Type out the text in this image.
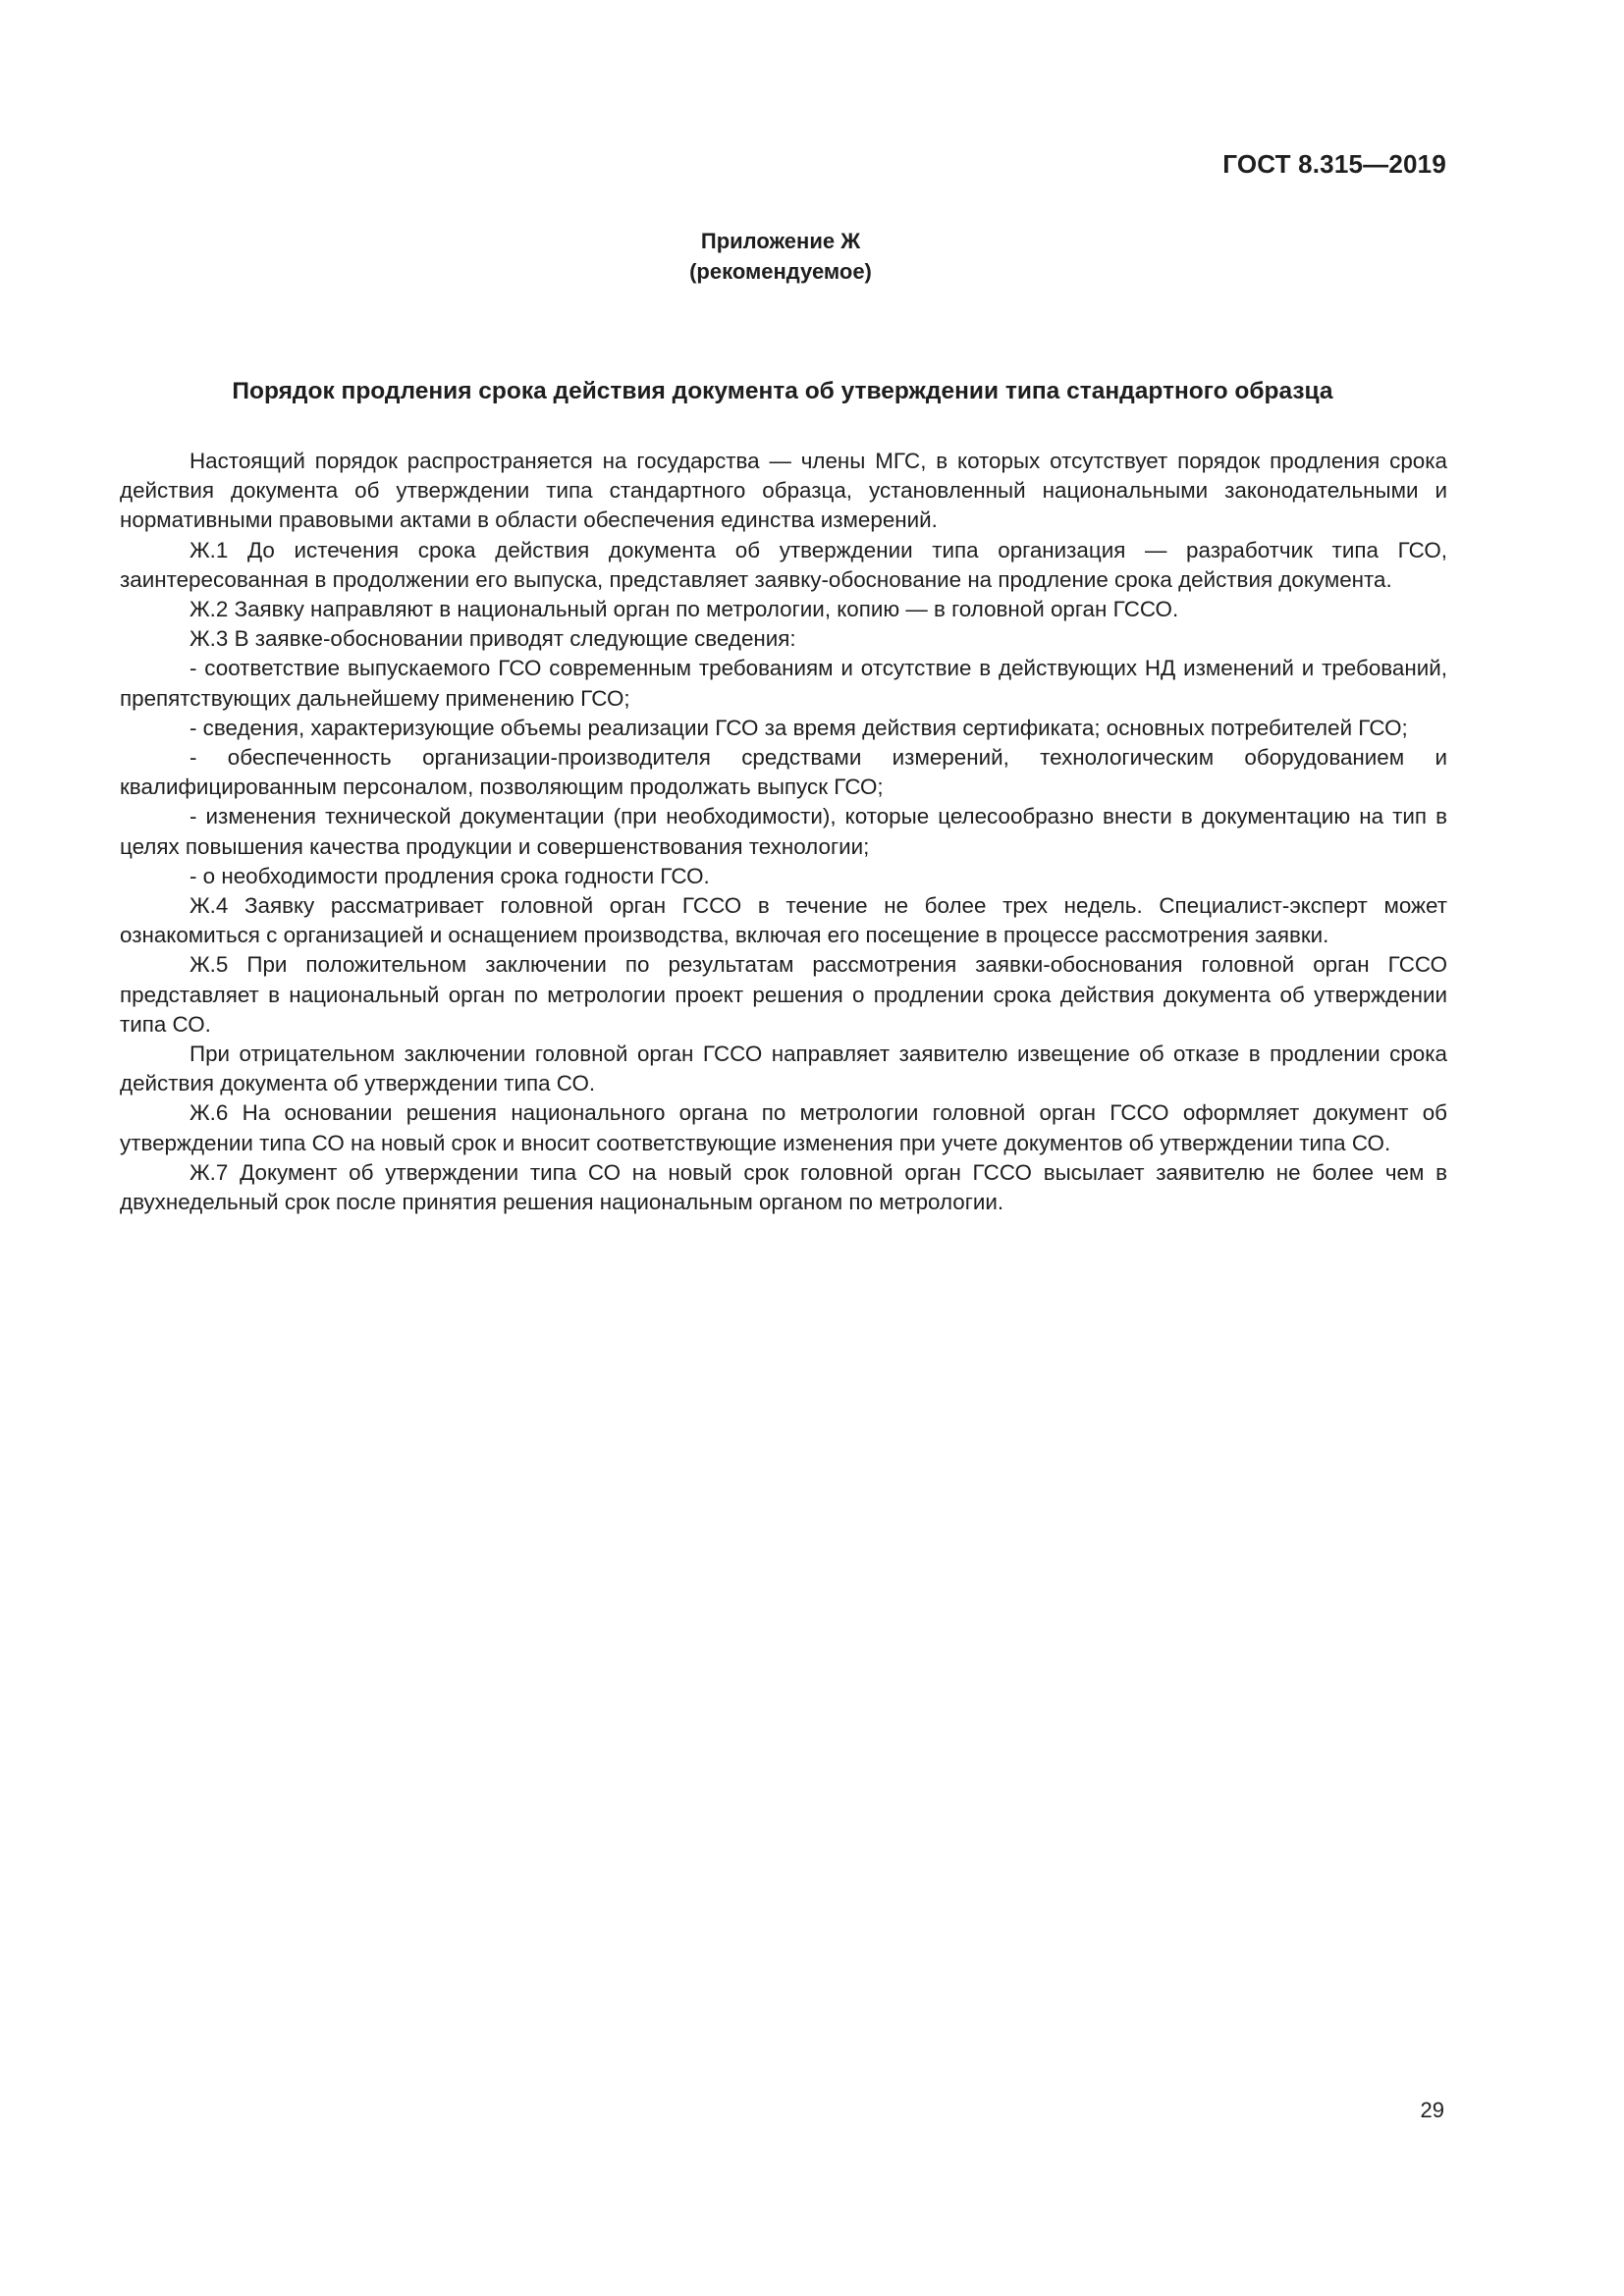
ГОСТ 8.315—2019
Приложение Ж
(рекомендуемое)
Порядок продления срока действия документа об утверждении типа стандартного образца

Настоящий порядок распространяется на государства — члены МГС, в которых отсутствует порядок продления срока действия документа об утверждении типа стандартного образца, установленный национальными законодательными и нормативными правовыми актами в области обеспечения единства измерений.

Ж.1 До истечения срока действия документа об утверждении типа организация — разработчик типа ГСО, заинтересованная в продолжении его выпуска, представляет заявку-обоснование на продление срока действия документа.

Ж.2 Заявку направляют в национальный орган по метрологии, копию — в головной орган ГССО.

Ж.3 В заявке-обосновании приводят следующие сведения:

- соответствие выпускаемого ГСО современным требованиям и отсутствие в действующих НД изменений и требований, препятствующих дальнейшему применению ГСО;

- сведения, характеризующие объемы реализации ГСО за время действия сертификата; основных потребителей ГСО;

- обеспеченность организации-производителя средствами измерений, технологическим оборудованием и квалифицированным персоналом, позволяющим продолжать выпуск ГСО;

- изменения технической документации (при необходимости), которые целесообразно внести в документацию на тип в целях повышения качества продукции и совершенствования технологии;

- о необходимости продления срока годности ГСО.

Ж.4 Заявку рассматривает головной орган ГССО в течение не более трех недель. Специалист-эксперт может ознакомиться с организацией и оснащением производства, включая его посещение в процессе рассмотрения заявки.

Ж.5 При положительном заключении по результатам рассмотрения заявки-обоснования головной орган ГССО представляет в национальный орган по метрологии проект решения о продлении срока действия документа об утверждении типа СО.

При отрицательном заключении головной орган ГССО направляет заявителю извещение об отказе в продлении срока действия документа об утверждении типа СО.

Ж.6 На основании решения национального органа по метрологии головной орган ГССО оформляет документ об утверждении типа СО на новый срок и вносит соответствующие изменения при учете документов об утверждении типа СО.

Ж.7 Документ об утверждении типа СО на новый срок головной орган ГССО высылает заявителю не более чем в двухнедельный срок после принятия решения национальным органом по метрологии.

29
